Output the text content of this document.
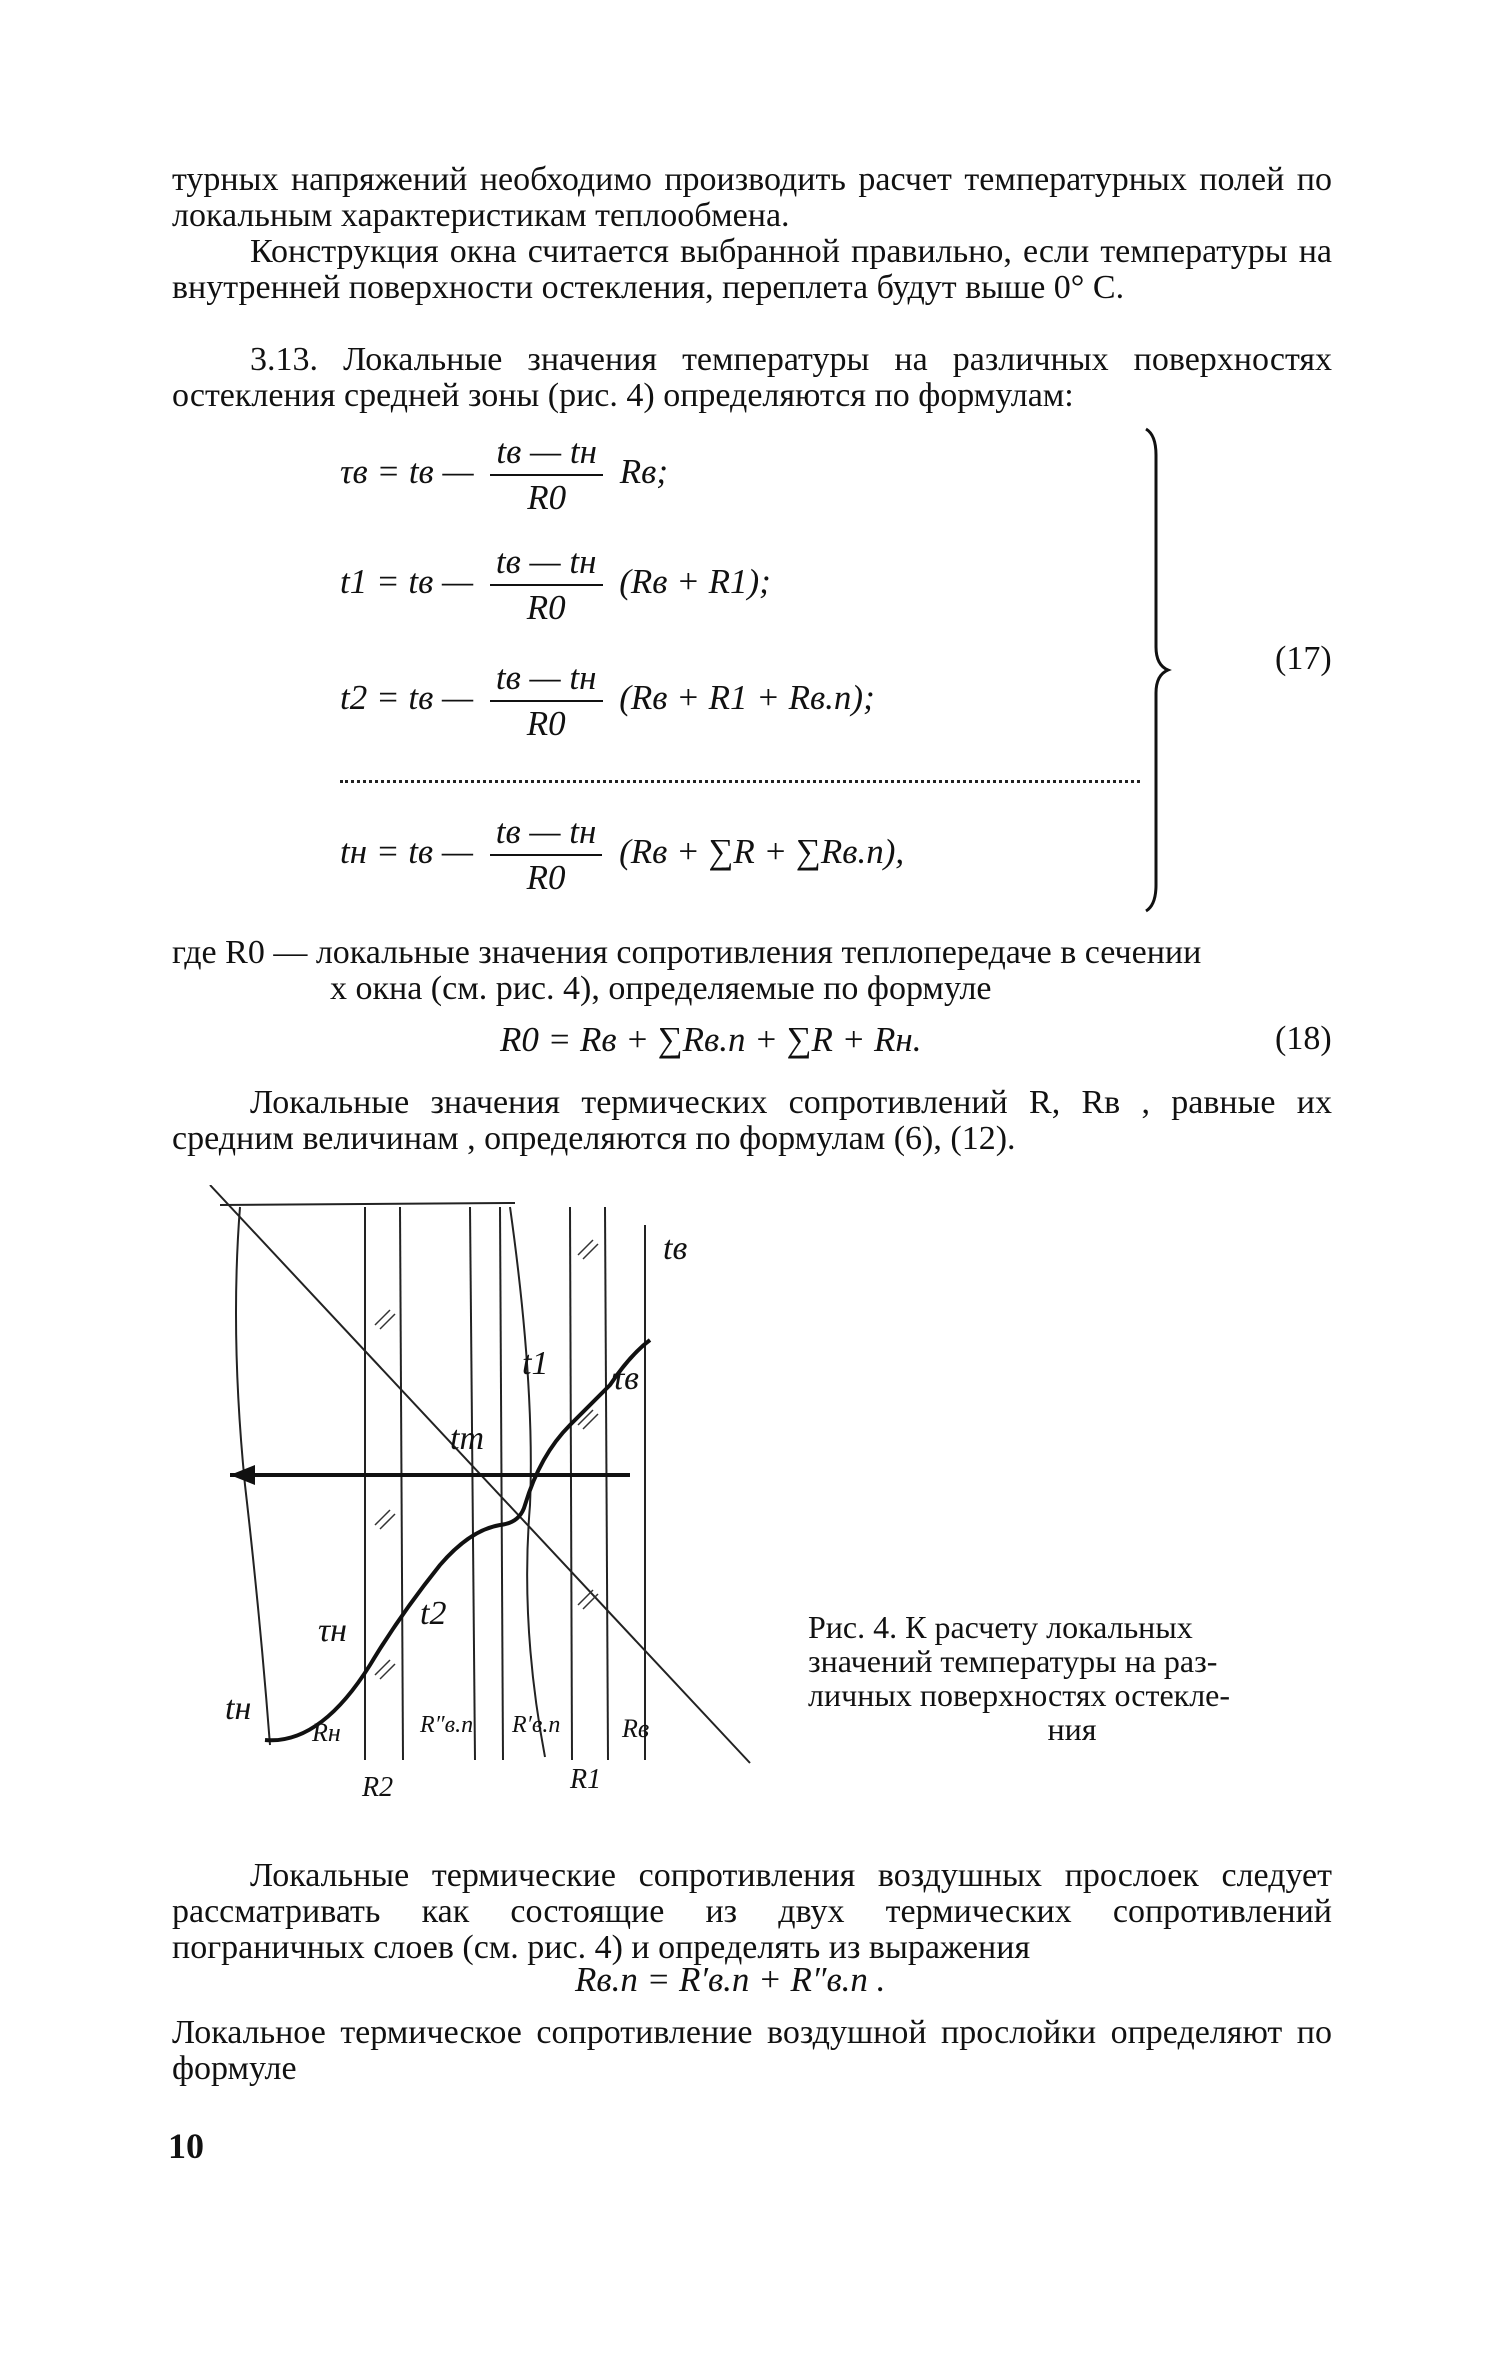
турных напряжений необходимо производить расчет температурных полей по локальным характеристикам теплообмена.
Конструкция окна считается выбранной правильно, если температуры на внутренней поверхности остекления, переплета будут выше 0° С.
3.13. Локальные значения температуры на различных поверхностях остекления средней зоны (рис. 4) определяются по формулам:
τв = tв — $\frac{tв — tн}{R0}$ Rв;
t1 = tв — $\frac{tв — tн}{R0} (Rв + R1)$;
t2 = tв — $\frac{tв — tн}{R0} (Rв + R1 + Rв.п)$;
tн = tв — $\frac{tв — tн}{R0} (Rв + \sum R + \sum Rв.п)$,
(17)
где R0 — локальные значения сопротивления теплопередаче в сечении
x окна (см. рис. 4), определяемые по формуле
R0 = Rв + ∑Rв.п + ∑R + Rн.	(18)
Локальные значения термических сопротивлений R, Rв , равные их средним величинам , определяются по формулам (6), (12).
tв
t1 τв
tm
τн t2
tн
Rн	R″в.п R′в.п Rв
R2	R1
Рис. 4. К расчету локальных
значений температуры на раз-
личных поверхностях остекле-
ния
Локальные термические сопротивления воздушных прослоек следует рассматривать как состоящие из двух термических сопротивлений пограничных слоев (см. рис. 4) и определять из выражения
Rв.п = R′в.п + R″в.п .
Локальное термическое сопротивление воздушной прослойки определяют по формуле
10
